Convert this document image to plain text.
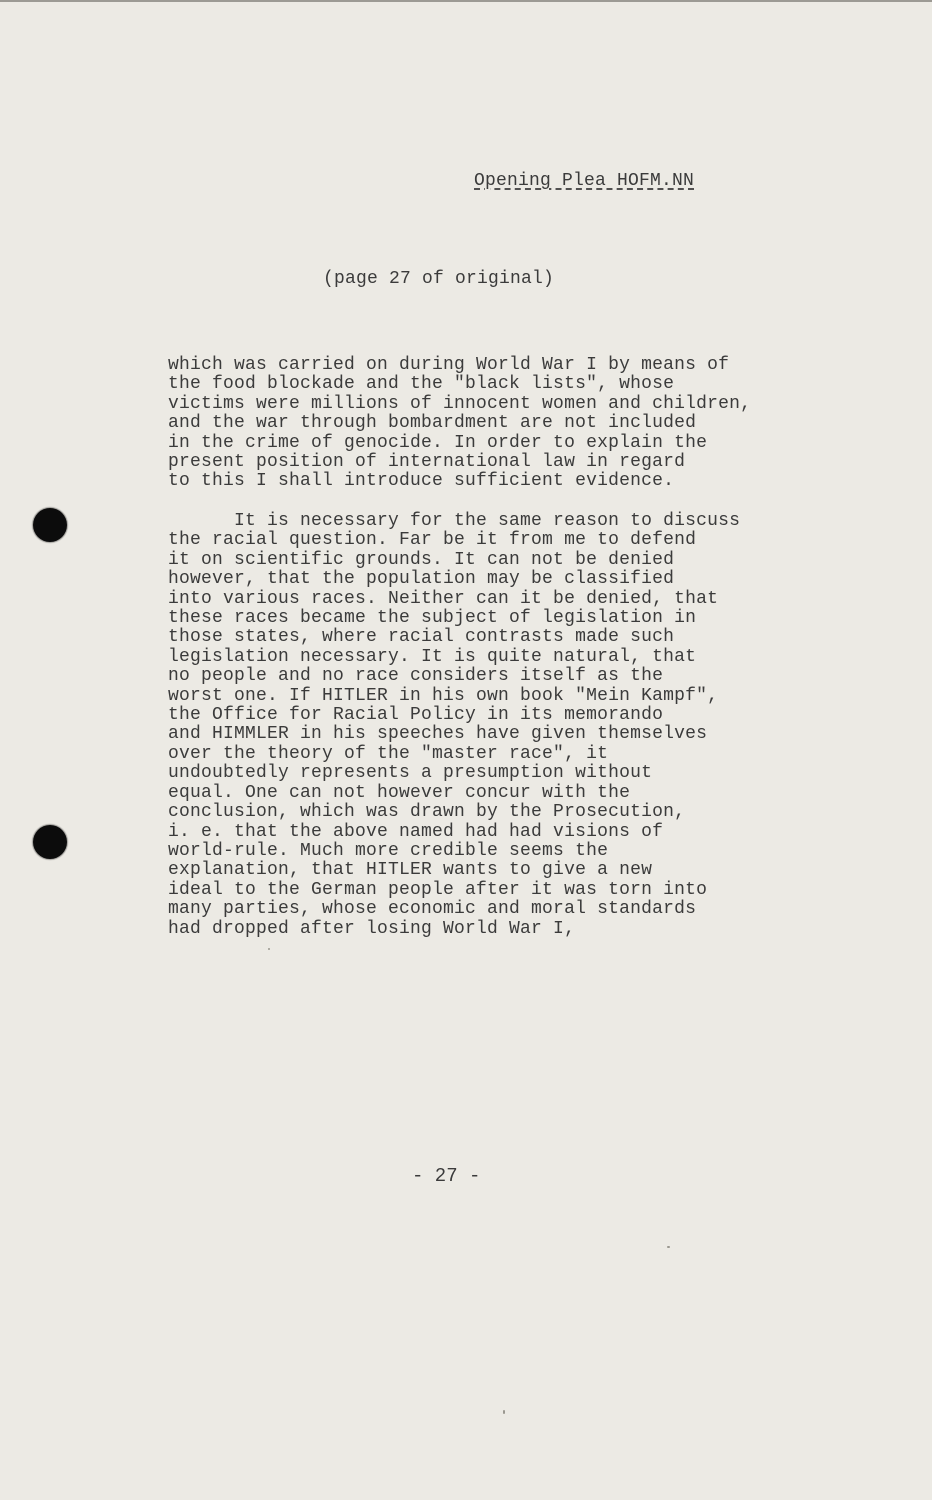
Opening Plea HOFM.NN
(page 27 of original)
which was carried on during World War I by means of
the food blockade and the "black lists", whose
victims were millions of innocent women and children,
and the war through bombardment are not included
in the crime of genocide. In order to explain the
present position of international law in regard
to this I shall introduce sufficient evidence.
It is necessary for the same reason to discuss
the racial question. Far be it from me to defend
it on scientific grounds. It can not be denied
however, that the population may be classified
into various races. Neither can it be denied, that
these races became the subject of legislation in
those states, where racial contrasts made such
legislation necessary. It is quite natural, that
no people and no race considers itself as the
worst one. If HITLER in his own book "Mein Kampf",
the Office for Racial Policy in its memorando
and HIMMLER in his speeches have given themselves
over the theory of the "master race", it
undoubtedly represents a presumption without
equal. One can not however concur with the
conclusion, which was drawn by the Prosecution,
i. e. that the above named had had visions of
world-rule. Much more credible seems the
explanation, that HITLER wants to give a new
ideal to the German people after it was torn into
many parties, whose economic and moral standards
had dropped after losing World War I,
- 27 -
